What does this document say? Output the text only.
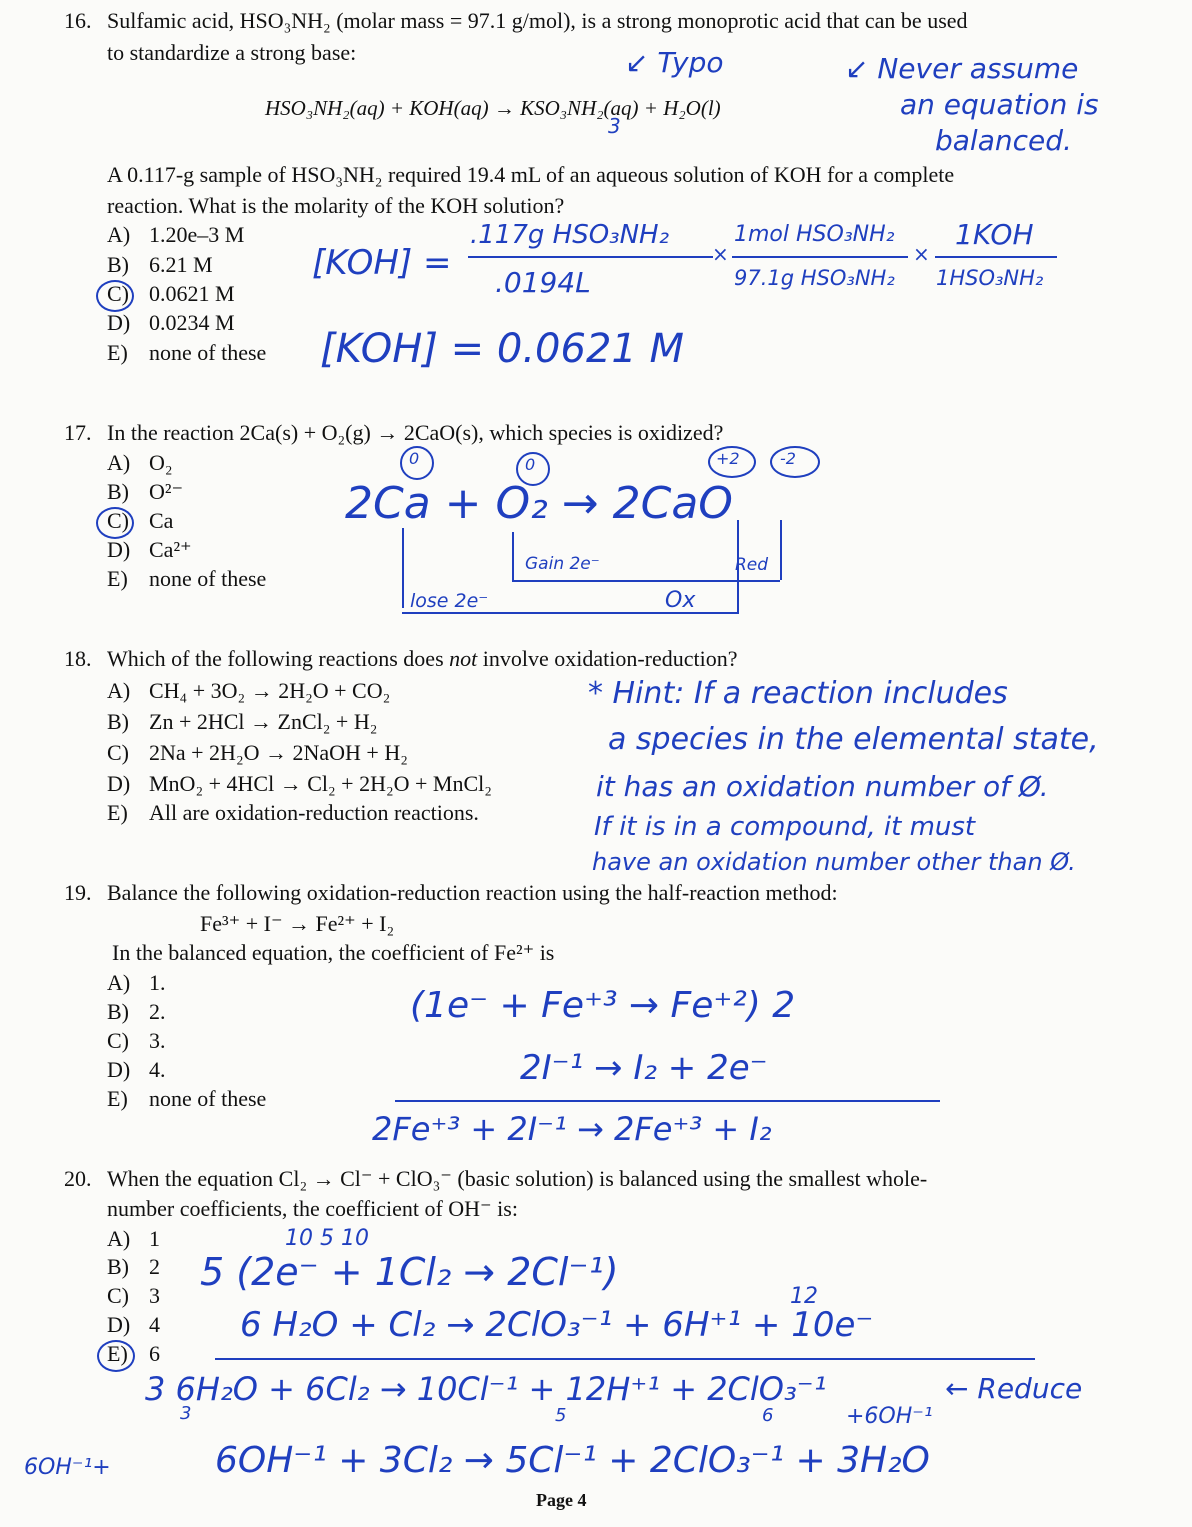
16. Sulfamic acid, HSO₃NH₂ (molar mass = 97.1 g/mol), is a strong monoprotic acid that can be used
to standardize a strong base:
HSO₃NH₂(aq) + KOH(aq) → KSO₃NH₂(aq) + H₂O(l)
A 0.117-g sample of HSO₃NH₂ required 19.4 mL of an aqueous solution of KOH for a complete
reaction. What is the molarity of the KOH solution?
A) 1.20e–3 M
B) 6.21 M
C) 0.0621 M
D) 0.0234 M
E) none of these
↙ Typo	↙ Never assume
an equation is
balanced.
3
[KOH] =
.117g HSO₃NH₂
.0194L
×
1mol HSO₃NH₂
97.1g HSO₃NH₂
×
1KOH
1HSO₃NH₂
[KOH] = 0.0621 M
17. In the reaction 2Ca(s) + O₂(g) → 2CaO(s), which species is oxidized?
A) O₂
B) O²⁻
C) Ca
D) Ca²⁺
E) none of these
0	0	+2	-2
2Ca + O₂ → 2CaO
Gain 2e⁻	Red
lose 2e⁻	Ox
18. Which of the following reactions does not involve oxidation-reduction?
A) CH₄ + 3O₂ → 2H₂O + CO₂
B) Zn + 2HCl → ZnCl₂ + H₂
C) 2Na + 2H₂O → 2NaOH + H₂
D) MnO₂ + 4HCl → Cl₂ + 2H₂O + MnCl₂
E) All are oxidation-reduction reactions.
* Hint: If a reaction includes
a species in the elemental state,
it has an oxidation number of Ø.
If it is in a compound, it must
have an oxidation number other than Ø.
19. Balance the following oxidation-reduction reaction using the half-reaction method:
Fe³⁺ + I⁻ → Fe²⁺ + I₂
In the balanced equation, the coefficient of Fe²⁺ is
A) 1.
B) 2.
C) 3.
D) 4.
E) none of these
(1e⁻ + Fe⁺³ → Fe⁺²) 2
2I⁻¹ → I₂ + 2e⁻
2Fe⁺³ + 2I⁻¹ → 2Fe⁺³ + I₂
20. When the equation Cl₂ → Cl⁻ + ClO₃⁻ (basic solution) is balanced using the smallest whole-
number coefficients, the coefficient of OH⁻ is:
A) 1
B) 2
C) 3
D) 4
E) 6
10 5 10
5 (2e⁻ + 1Cl₂ → 2Cl⁻¹)
12
6 H₂O + Cl₂ → 2ClO₃⁻¹ + 6H⁺¹ + 10e⁻
3 6H₂O + 6Cl₂ → 10Cl⁻¹ + 12H⁺¹ + 2ClO₃⁻¹
3	5	6	+6OH⁻¹
← Reduce
6OH⁻¹+	6OH⁻¹ + 3Cl₂ → 5Cl⁻¹ + 2ClO₃⁻¹ + 3H₂O
Page 4
